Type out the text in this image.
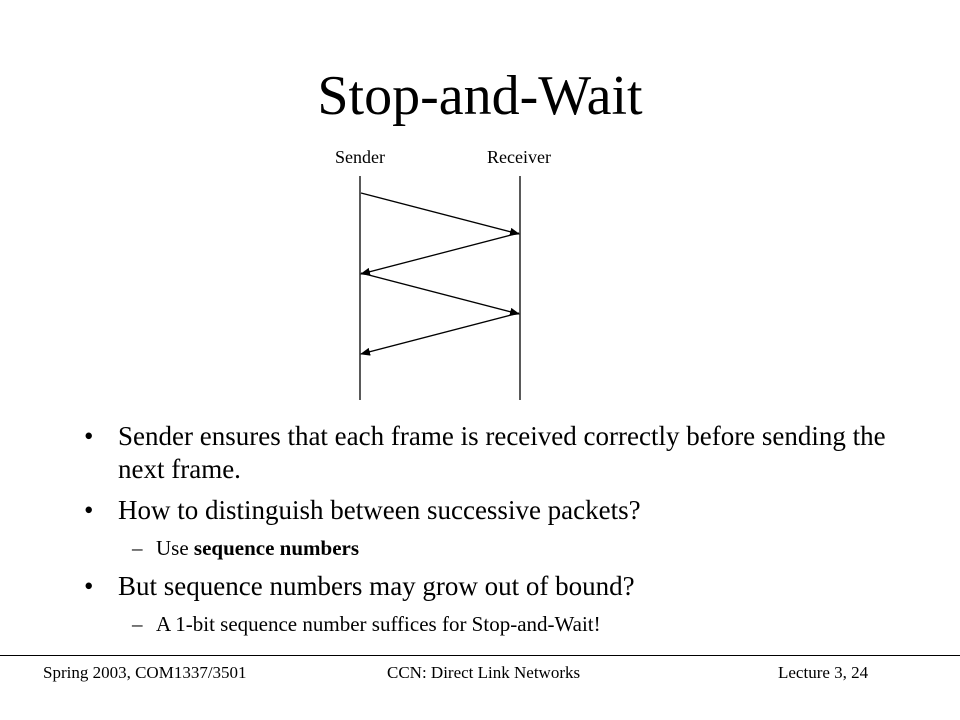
Stop-and-Wait
Sender	Receiver
• Sender ensures that each frame is received correctly before sending the next frame.
• How to distinguish between successive packets?
– Use sequence numbers
• But sequence numbers may grow out of bound?
– A 1-bit sequence number suffices for Stop-and-Wait!
Spring 2003, COM1337/3501	CCN: Direct Link Networks	Lecture 3, 24
